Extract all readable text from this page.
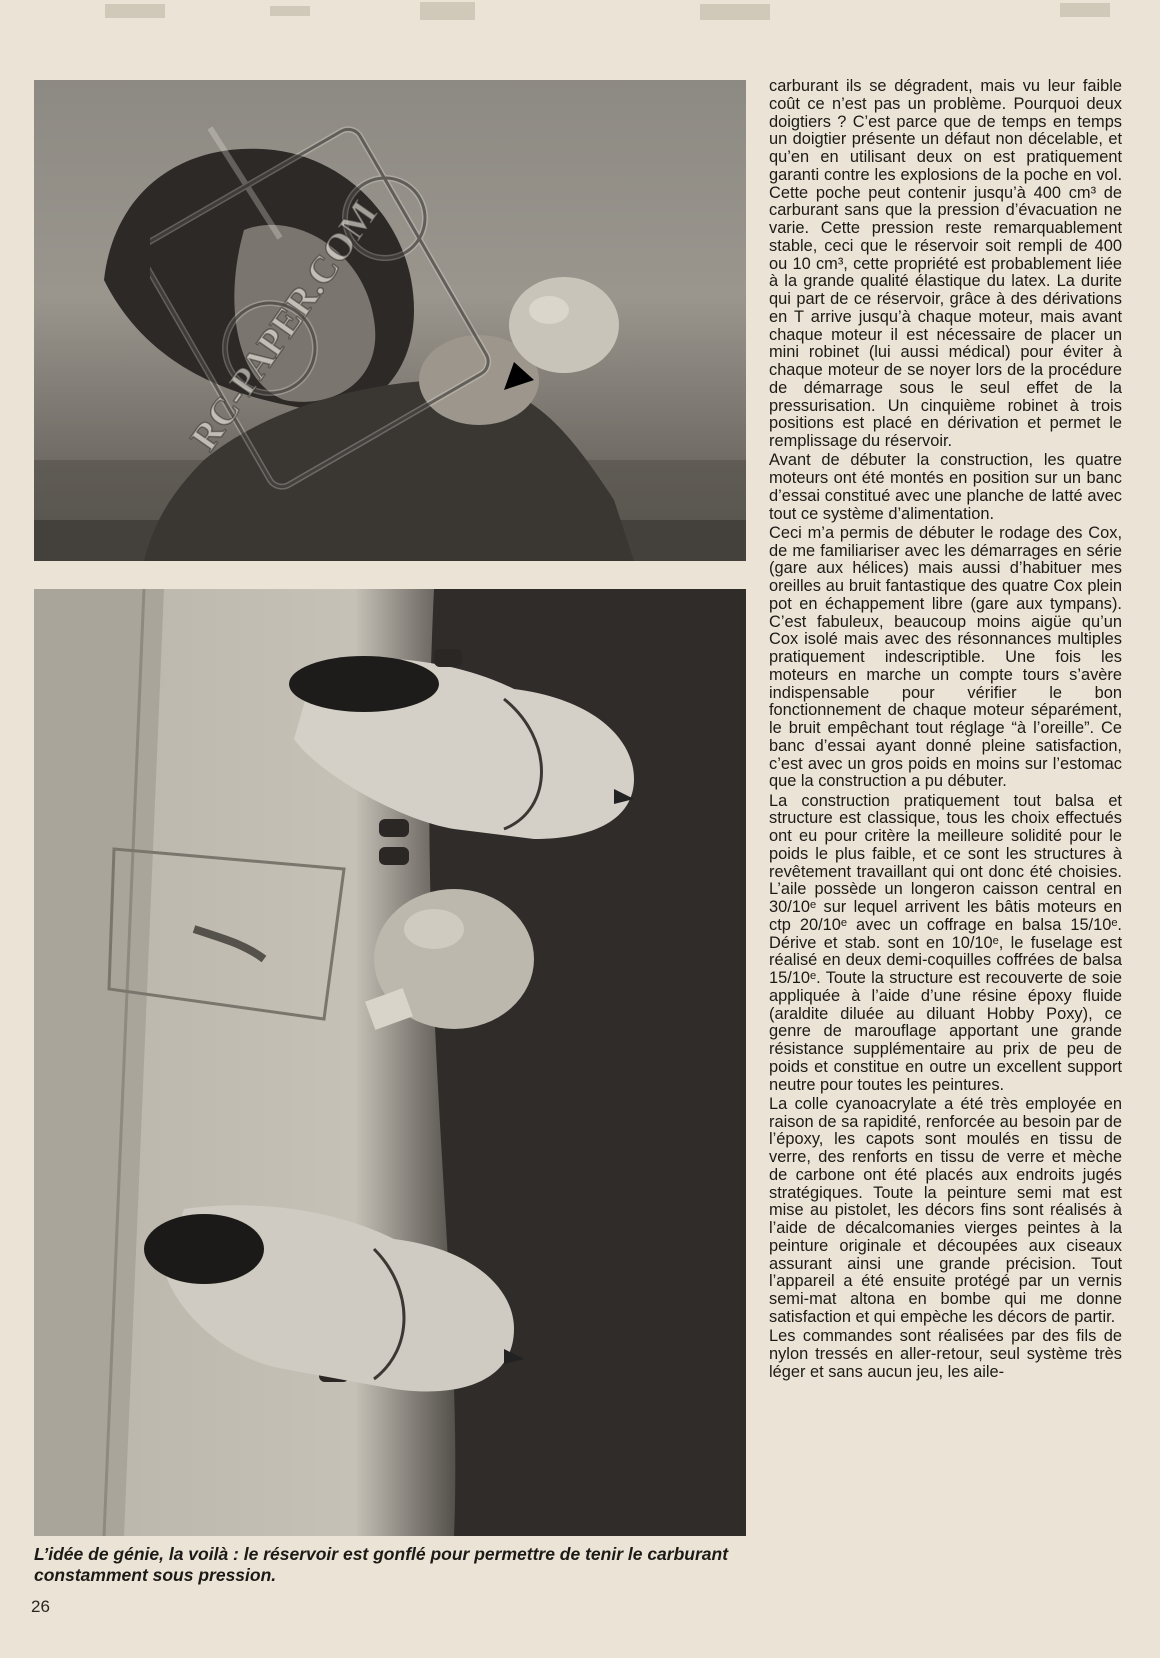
RC-PAPER.COM

L’idée de génie, la voilà : le réservoir est gonflé pour permettre de tenir le carburant constamment sous pression.

26

carburant ils se dégradent, mais vu leur faible coût ce n’est pas un problème. Pourquoi deux doigtiers ? C’est parce que de temps en temps un doigtier présente un défaut non décelable, et qu’en en utilisant deux on est pratiquement garanti contre les explosions de la poche en vol. Cette poche peut contenir jusqu’à 400 cm³ de carburant sans que la pression d’évacuation ne varie. Cette pression reste remarquablement stable, ceci que le réservoir soit rempli de 400 ou 10 cm³, cette propriété est probablement liée à la grande qualité élastique du latex. La durite qui part de ce réservoir, grâce à des dérivations en T arrive jusqu’à chaque moteur, mais avant chaque moteur il est nécessaire de placer un mini robinet (lui aussi médical) pour éviter à chaque moteur de se noyer lors de la procédure de démarrage sous le seul effet de la pressurisation. Un cinquième robinet à trois positions est placé en dérivation et permet le remplissage du réservoir.

Avant de débuter la construction, les quatre moteurs ont été montés en position sur un banc d’essai constitué avec une planche de latté avec tout ce système d’alimentation.

Ceci m’a permis de débuter le rodage des Cox, de me familiariser avec les démarrages en série (gare aux hélices) mais aussi d’habituer mes oreilles au bruit fantastique des quatre Cox plein pot en échappement libre (gare aux tympans). C’est fabuleux, beaucoup moins aigüe qu’un Cox isolé mais avec des résonnances multiples pratiquement indescriptible. Une fois les moteurs en marche un compte tours s’avère indispensable pour vérifier le bon fonctionnement de chaque moteur séparément, le bruit empêchant tout réglage “à l’oreille”. Ce banc d’essai ayant donné pleine satisfaction, c’est avec un gros poids en moins sur l’estomac que la construction a pu débuter.

La construction pratiquement tout balsa et structure est classique, tous les choix effectués ont eu pour critère la meilleure solidité pour le poids le plus faible, et ce sont les structures à revêtement travaillant qui ont donc été choisies. L’aile possède un longeron caisson central en 30/10ᵉ sur lequel arrivent les bâtis moteurs en ctp 20/10ᵉ avec un coffrage en balsa 15/10ᵉ. Dérive et stab. sont en 10/10ᵉ, le fuselage est réalisé en deux demi-coquilles coffrées de balsa 15/10ᵉ. Toute la structure est recouverte de soie appliquée à l’aide d’une résine époxy fluide (araldite diluée au diluant Hobby Poxy), ce genre de marouflage apportant une grande résistance supplémentaire au prix de peu de poids et constitue en outre un excellent support neutre pour toutes les peintures.

La colle cyanoacrylate a été très employée en raison de sa rapidité, renforcée au besoin par de l’époxy, les capots sont moulés en tissu de verre, des renforts en tissu de verre et mèche de carbone ont été placés aux endroits jugés stratégiques. Toute la peinture semi mat est mise au pistolet, les décors fins sont réalisés à l’aide de décalcomanies vierges peintes à la peinture originale et découpées aux ciseaux assurant ainsi une grande précision. Tout l’appareil a été ensuite protégé par un vernis semi-mat altona en bombe qui me donne satisfaction et qui empèche les décors de partir.

Les commandes sont réalisées par des fils de nylon tressés en aller-retour, seul système très léger et sans aucun jeu, les aile-
